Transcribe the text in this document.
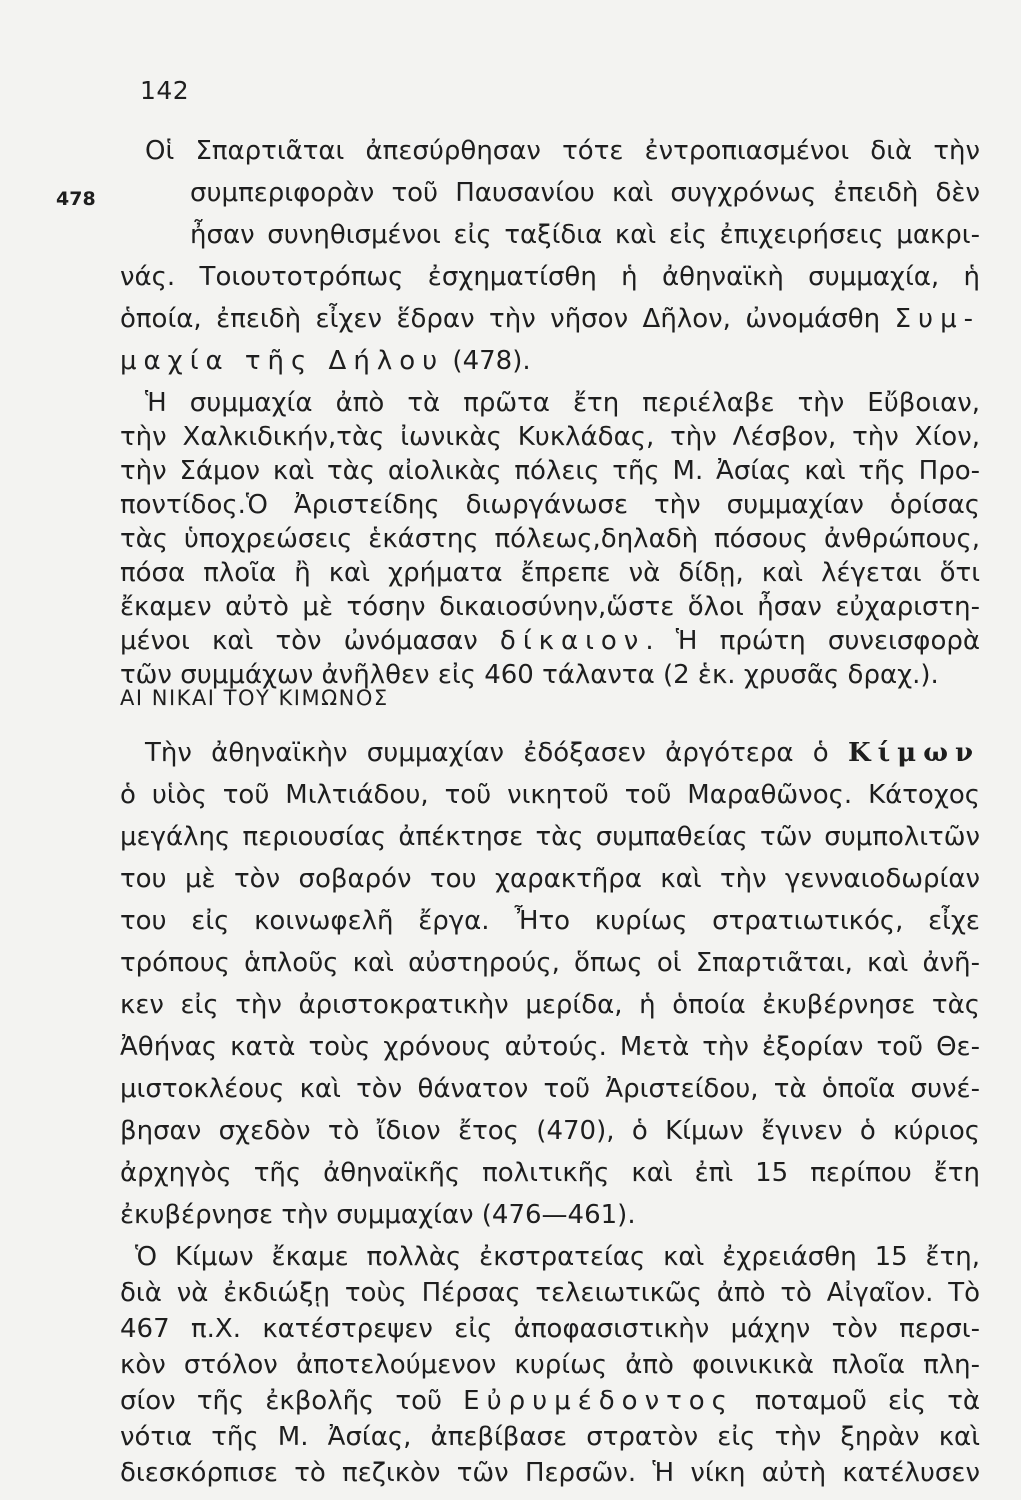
142
478
Οἱ Σπαρτιᾶται ἀπεσύρθησαν τότε ἐντροπιασμένοι διὰ τὴν
συμπεριφορὰν τοῦ Παυσανίου καὶ συγχρόνως ἐπειδὴ δὲν
ἦσαν συνηθισμένοι εἰς ταξίδια καὶ εἰς ἐπιχειρήσεις μακρι-
νάς. Τοιουτοτρόπως ἐσχηματίσθη ἡ ἀθηναϊκὴ συμμαχία, ἡ
ὁποία, ἐπειδὴ εἶχεν ἕδραν τὴν νῆσον Δῆλον, ὠνομάσθη Συμ-
μαχία τῆς Δήλου (478).
Ἡ συμμαχία ἀπὸ τὰ πρῶτα ἔτη περιέλαβε τὴν Εὔβοιαν,
τὴν Χαλκιδικήν,τὰς ἰωνικὰς Κυκλάδας, τὴν Λέσβον, τὴν Χίον,
τὴν Σάμον καὶ τὰς αἰολικὰς πόλεις τῆς Μ. Ἀσίας καὶ τῆς Προ-
ποντίδος.Ὁ Ἀριστείδης διωργάνωσε τὴν συμμαχίαν ὁρίσας
τὰς ὑποχρεώσεις ἑκάστης πόλεως,δηλαδὴ πόσους ἀνθρώπους,
πόσα πλοῖα ἢ καὶ χρήματα ἔπρεπε νὰ δίδῃ, καὶ λέγεται ὅτι
ἔκαμεν αὐτὸ μὲ τόσην δικαιοσύνην,ὥστε ὅλοι ἦσαν εὐχαριστη-
μένοι καὶ τὸν ὠνόμασαν δίκαιον. Ἡ πρώτη συνεισφορὰ
τῶν συμμάχων ἀνῆλθεν εἰς 460 τάλαντα (2 ἑκ. χρυσᾶς δραχ.).
ΑΙ ΝΙΚΑΙ ΤΟΥ ΚΙΜΩΝΟΣ
Τὴν ἀθηναϊκὴν συμμαχίαν ἐδόξασεν ἀργότερα ὁ Κίμων
ὁ υἱὸς τοῦ Μιλτιάδου, τοῦ νικητοῦ τοῦ Μαραθῶνος. Κάτοχος
μεγάλης περιουσίας ἀπέκτησε τὰς συμπαθείας τῶν συμπολιτῶν
του μὲ τὸν σοβαρόν του χαρακτῆρα καὶ τὴν γενναιοδωρίαν
του εἰς κοινωφελῆ ἔργα. Ἦτο κυρίως στρατιωτικός, εἶχε
τρόπους ἁπλοῦς καὶ αὐστηρούς, ὅπως οἱ Σπαρτιᾶται, καὶ ἀνῆ-
κεν εἰς τὴν ἀριστοκρατικὴν μερίδα, ἡ ὁποία ἐκυβέρνησε τὰς
Ἀθήνας κατὰ τοὺς χρόνους αὐτούς. Μετὰ τὴν ἐξορίαν τοῦ Θε-
μιστοκλέους καὶ τὸν θάνατον τοῦ Ἀριστείδου, τὰ ὁποῖα συνέ-
βησαν σχεδὸν τὸ ἴδιον ἔτος (470), ὁ Κίμων ἔγινεν ὁ κύριος
ἀρχηγὸς τῆς ἀθηναϊκῆς πολιτικῆς καὶ ἐπὶ 15 περίπου ἔτη
ἐκυβέρνησε τὴν συμμαχίαν (476—461).
Ὁ Κίμων ἔκαμε πολλὰς ἐκστρατείας καὶ ἐχρειάσθη 15 ἔτη,
διὰ νὰ ἐκδιώξῃ τοὺς Πέρσας τελειωτικῶς ἀπὸ τὸ Αἰγαῖον. Τὸ
467 π.Χ. κατέστρεψεν εἰς ἀποφασιστικὴν μάχην τὸν περσι-
κὸν στόλον ἀποτελούμενον κυρίως ἀπὸ φοινικικὰ πλοῖα πλη-
σίον τῆς ἐκβολῆς τοῦ Εὐρυμέδοντος ποταμοῦ εἰς τὰ
νότια τῆς Μ. Ἀσίας, ἀπεβίβασε στρατὸν εἰς τὴν ξηρὰν καὶ
διεσκόρπισε τὸ πεζικὸν τῶν Περσῶν. Ἡ νίκη αὐτὴ κατέλυσεν
